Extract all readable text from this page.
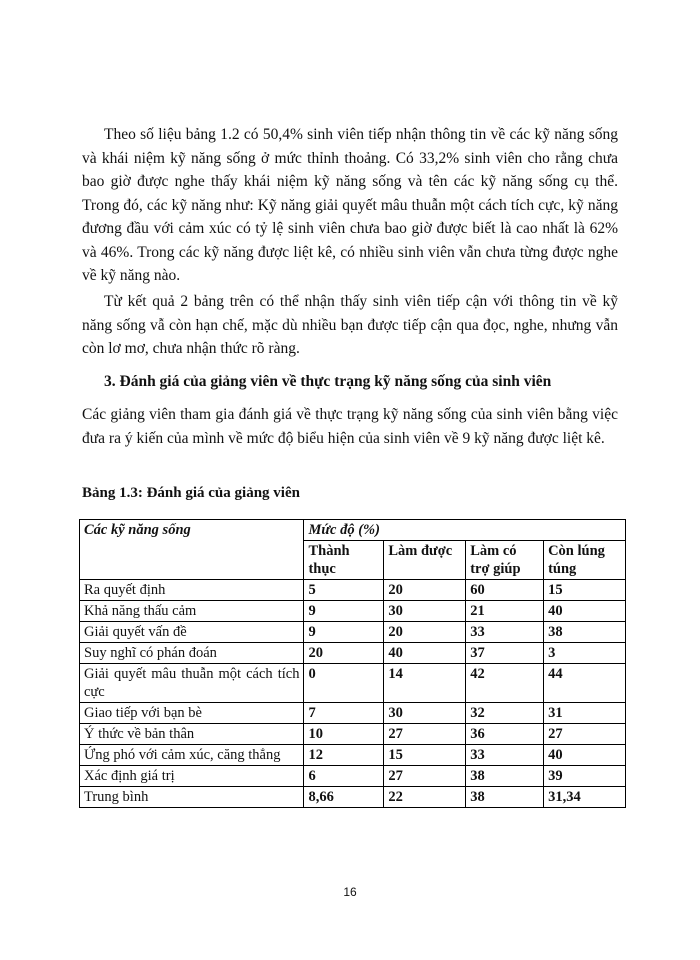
Theo số liệu bảng 1.2 có 50,4% sinh viên tiếp nhận thông tin về các kỹ năng sống và khái niệm kỹ năng sống ở mức thỉnh thoảng. Có 33,2% sinh viên cho rằng chưa bao giờ được nghe thấy khái niệm kỹ năng sống và tên các kỹ năng sống cụ thể. Trong đó, các kỹ năng như: Kỹ năng giải quyết mâu thuẫn một cách tích cực, kỹ năng đương đầu với cảm xúc có tỷ lệ sinh viên chưa bao giờ được biết là cao nhất là 62% và 46%. Trong các kỹ năng được liệt kê, có nhiều sinh viên vẫn chưa từng được nghe về kỹ năng nào.

Từ kết quả 2 bảng trên có thể nhận thấy sinh viên tiếp cận với thông tin về kỹ năng sống vẫ còn hạn chế, mặc dù nhiều bạn được tiếp cận qua đọc, nghe, nhưng vẫn còn lơ mơ, chưa nhận thức rõ ràng.

3. Đánh giá của giảng viên về thực trạng kỹ năng sống của sinh viên

Các giảng viên tham gia đánh giá về thực trạng kỹ năng sống của sinh viên bằng việc đưa ra ý kiến của mình về mức độ biểu hiện của sinh viên về 9 kỹ năng được liệt kê.

Bảng 1.3: Đánh giá của giảng viên

Các kỹ năng sống	Mức độ (%)			
	Thành thục	Làm được	Làm có trợ giúp	Còn lúng túng
Ra quyết định	5	20	60	15
Khả năng thấu cảm	9	30	21	40
Giải quyết vấn đề	9	20	33	38
Suy nghĩ có phán đoán	20	40	37	3
Giải quyết mâu thuẫn một cách tích cực	0	14	42	44
Giao tiếp với bạn bè	7	30	32	31
Ý thức về bản thân	10	27	36	27
Ứng phó với cảm xúc, căng thẳng	12	15	33	40
Xác định giá trị	6	27	38	39
Trung bình	8,66	22	38	31,34

16
